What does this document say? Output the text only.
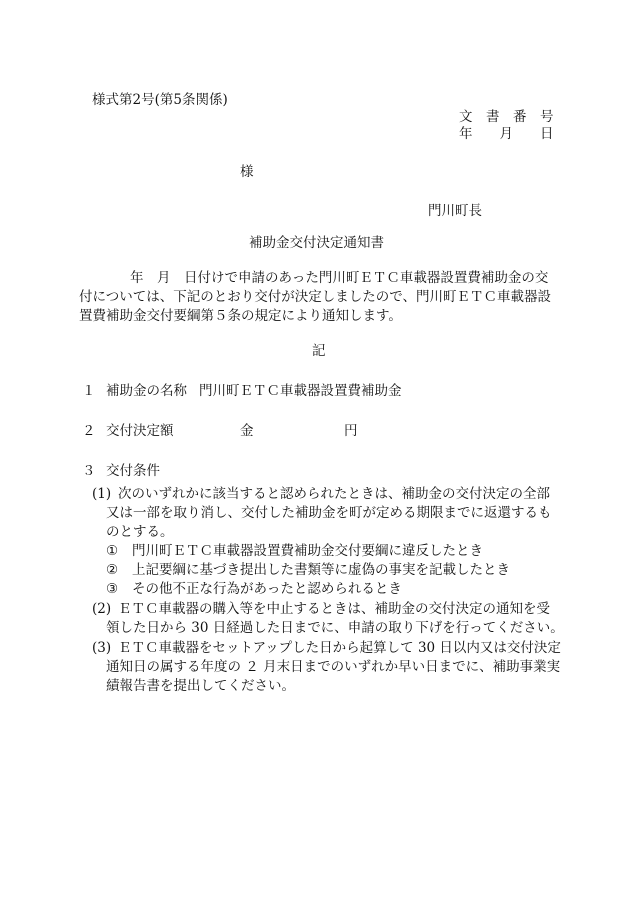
様式第2号(第5条関係)
文　書　番　号
年　　月　　日
様
門川町長
補助金交付決定通知書
年　月　日付けで申請のあった門川町ＥＴＣ車載器設置費補助金の交
付については、下記のとおり交付が決定しましたので、門川町ＥＴＣ車載器設
置費補助金交付要綱第５条の規定により通知します。
記
１ 補助金の名称 門川町ＥＴＣ車載器設置費補助金
２ 交付決定額	金	円
３ 交付条件
(1) 次のいずれかに該当すると認められたときは、補助金の交付決定の全部
又は一部を取り消し、交付した補助金を町が定める期限までに返還するも
のとする。
① 門川町ＥＴＣ車載器設置費補助金交付要綱に違反したとき
② 上記要綱に基づき提出した書類等に虚偽の事実を記載したとき
③ その他不正な行為があったと認められるとき
(2) ＥＴＣ車載器の購入等を中止するときは、補助金の交付決定の通知を受
領した日から 30 日経過した日までに、申請の取り下げを行ってください。
(3) ＥＴＣ車載器をセットアップした日から起算して 30 日以内又は交付決定
通知日の属する年度の ２ 月末日までのいずれか早い日までに、補助事業実
績報告書を提出してください。
